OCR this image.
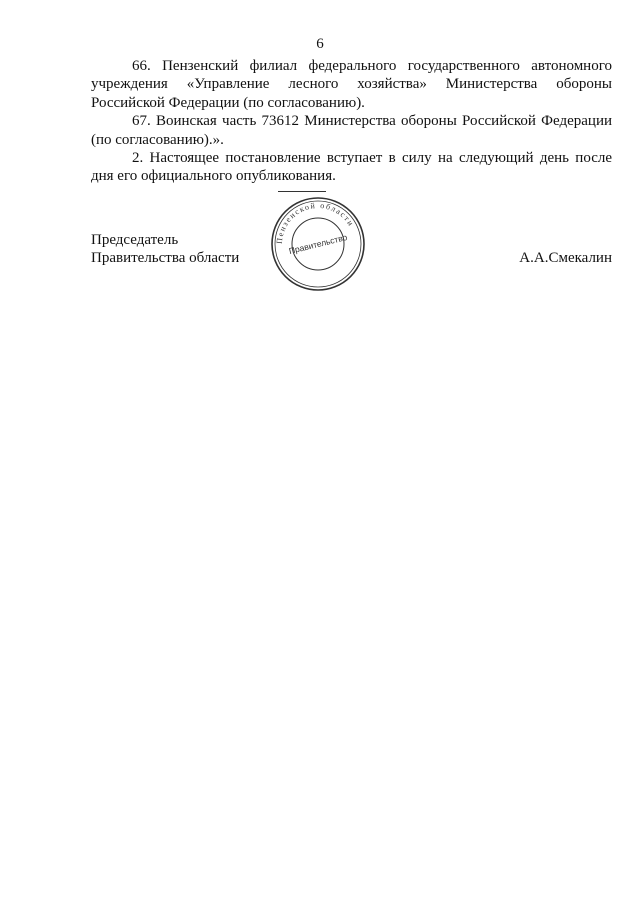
6

66. Пензенский филиал федерального государственного автономного учреждения «Управление лесного хозяйства» Министерства обороны Российской Федерации (по согласованию).

67. Воинская часть 73612 Министерства обороны Российской Федерации (по согласованию).».

2. Настоящее постановление вступает в силу на следующий день после дня его официального опубликования.

Председатель
Правительства области
Пензенской области
Правительство
А.А.Смекалин
